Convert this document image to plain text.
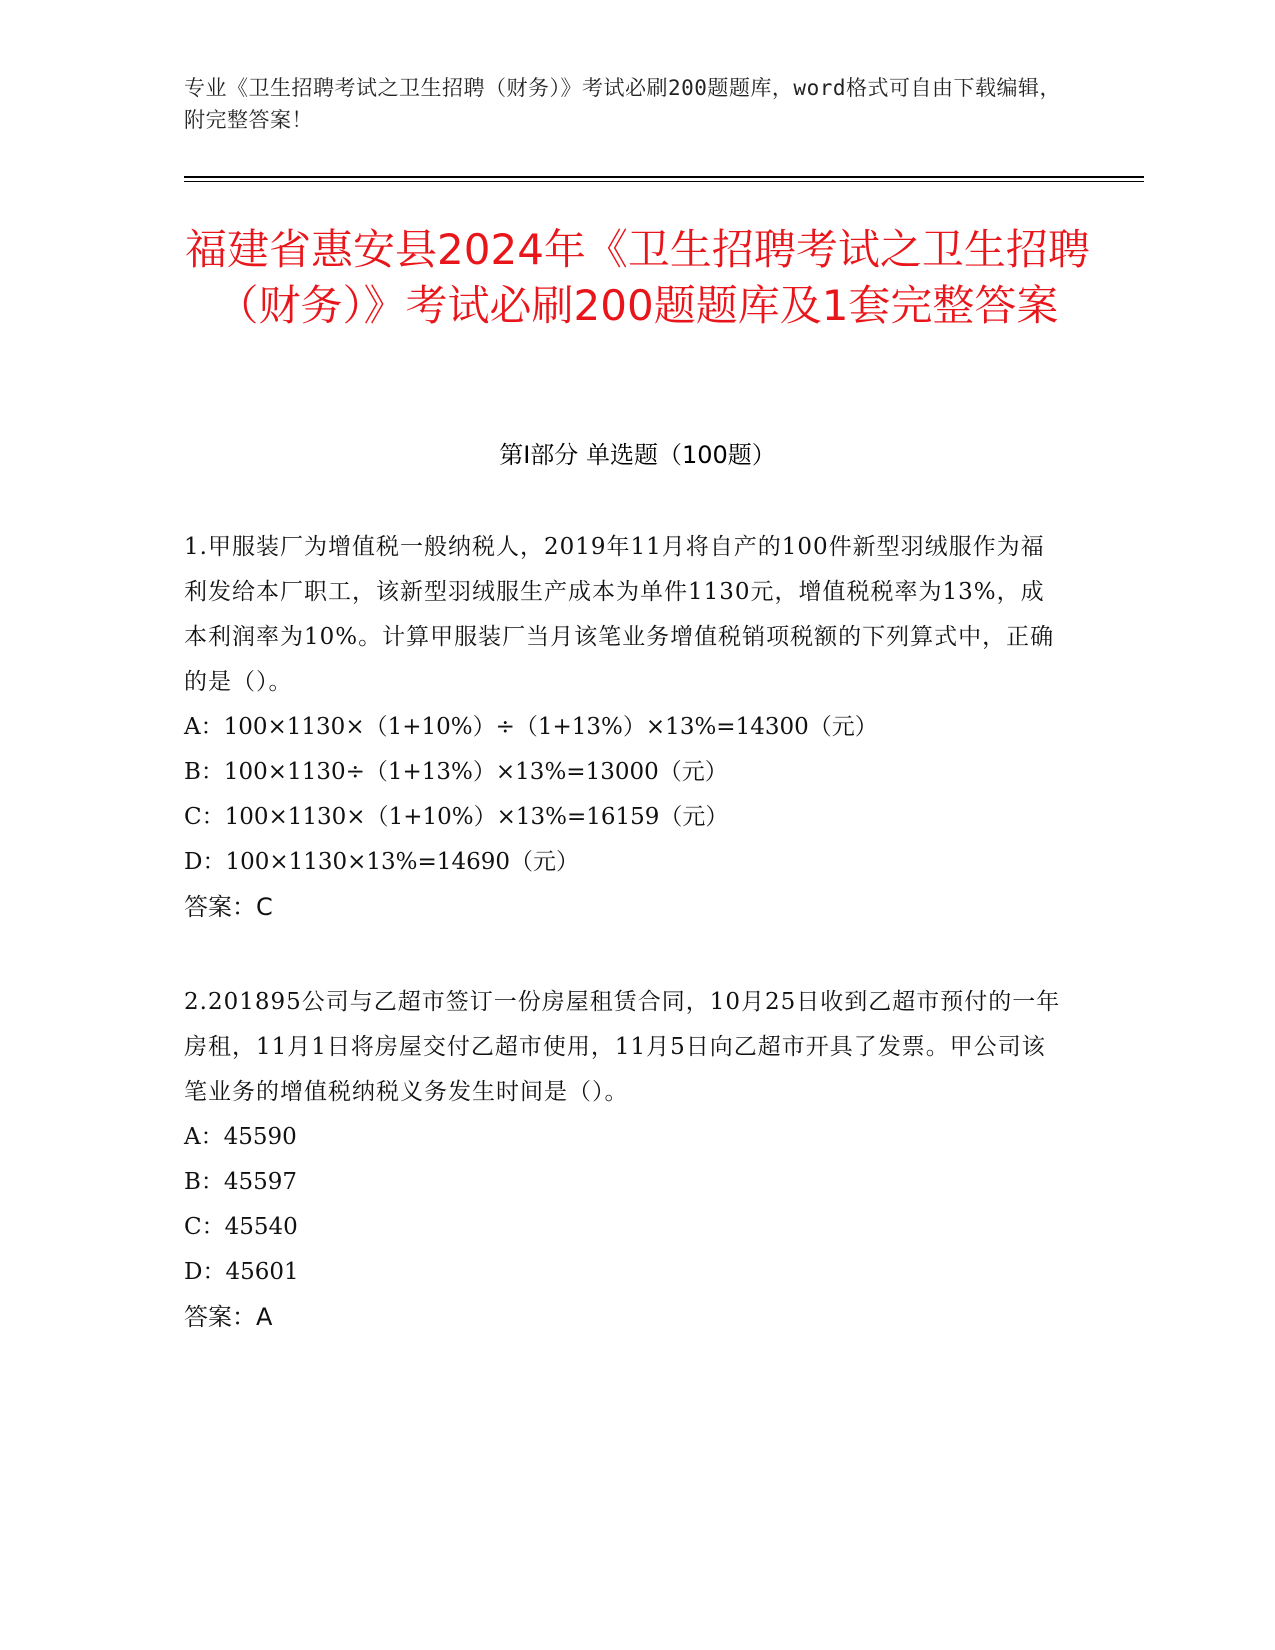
专业《卫生招聘考试之卫生招聘（财务）》考试必刷200题题库，word格式可自由下载编辑，附完整答案！
福建省惠安县2024年《卫生招聘考试之卫生招聘（财务）》考试必刷200题题库及1套完整答案
第Ⅰ部分 单选题（100题）
1.甲服装厂为增值税一般纳税人，2019年11月将自产的100件新型羽绒服作为福利发给本厂职工，该新型羽绒服生产成本为单件1130元，增值税税率为13%，成本利润率为10%。计算甲服装厂当月该笔业务增值税销项税额的下列算式中，正确的是（）。
A：100×1130×（1+10%）÷（1+13%）×13%=14300（元）
B：100×1130÷（1+13%）×13%=13000（元）
C：100×1130×（1+10%）×13%=16159（元）
D：100×1130×13%=14690（元）
答案：C
2.201895公司与乙超市签订一份房屋租赁合同，10月25日收到乙超市预付的一年房租，11月1日将房屋交付乙超市使用，11月5日向乙超市开具了发票。甲公司该笔业务的增值税纳税义务发生时间是（）。
A：45590
B：45597
C：45540
D：45601
答案：A
